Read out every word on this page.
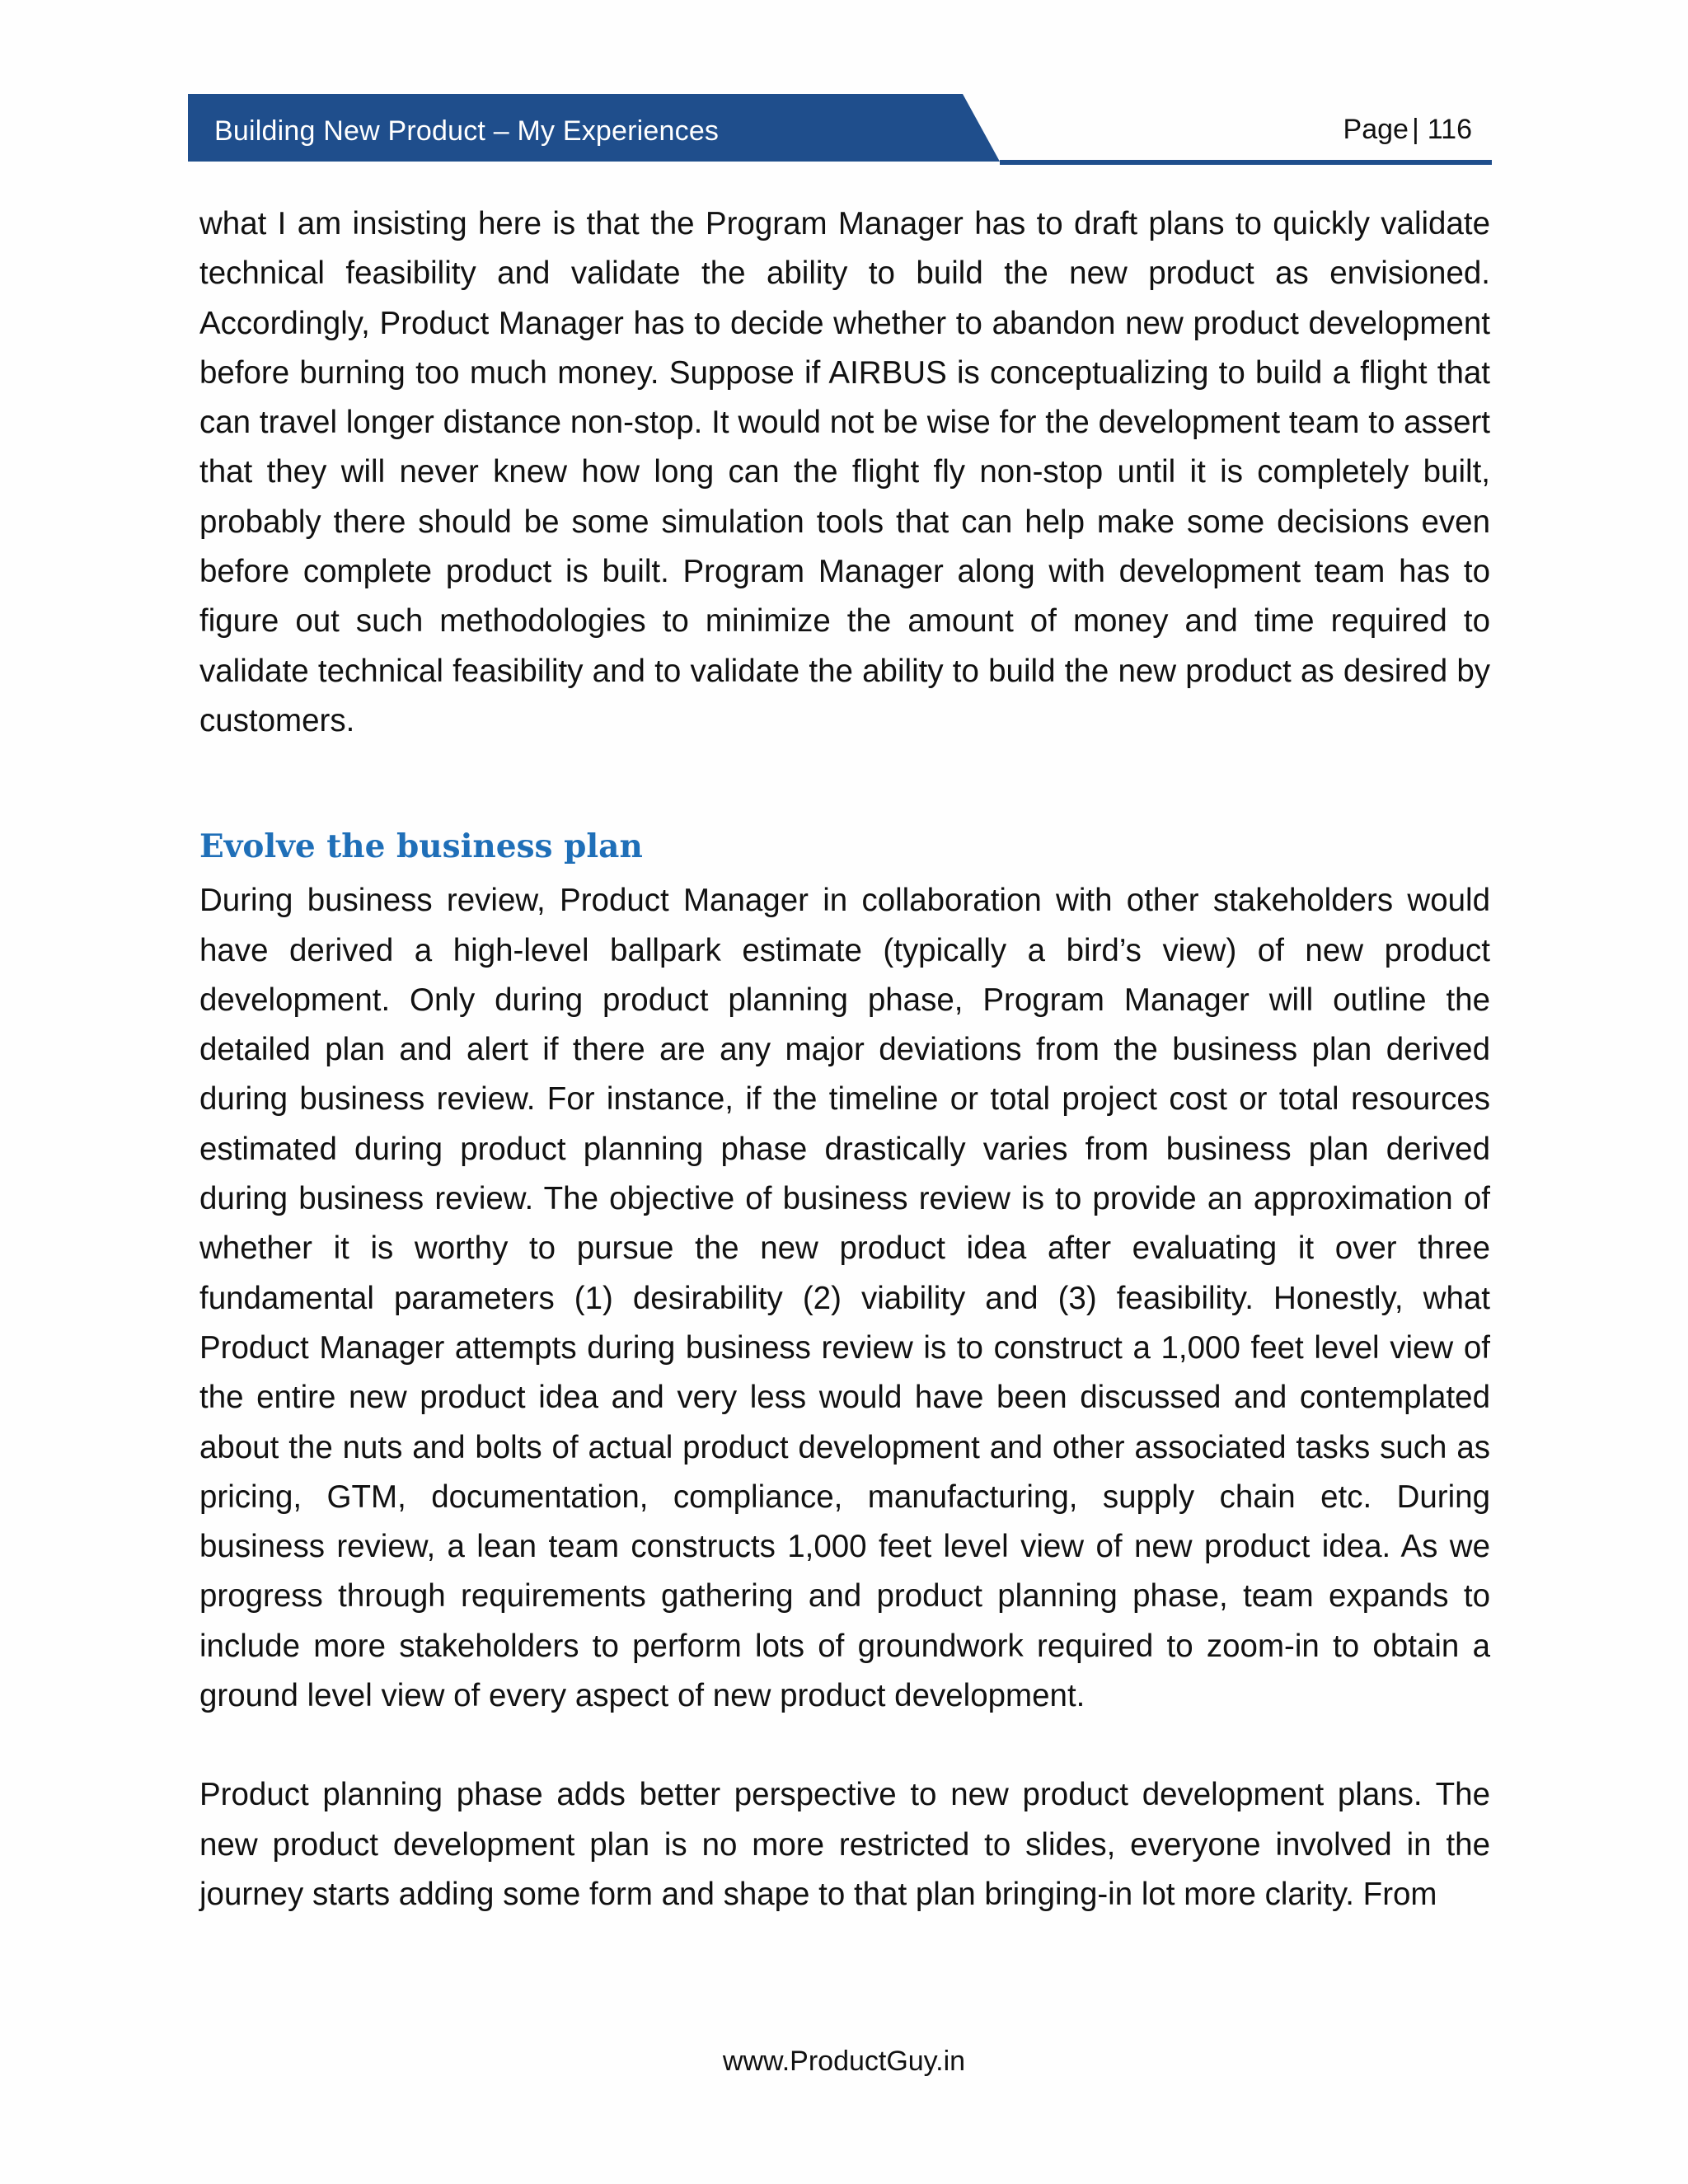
Building New Product – My Experiences	Page | 116

what I am insisting here is that the Program Manager has to draft plans to quickly validate technical feasibility and validate the ability to build the new product as envisioned. Accordingly, Product Manager has to decide whether to abandon new product development before burning too much money. Suppose if AIRBUS is conceptualizing to build a flight that can travel longer distance non-stop. It would not be wise for the development team to assert that they will never knew how long can the flight fly non-stop until it is completely built, probably there should be some simulation tools that can help make some decisions even before complete product is built. Program Manager along with development team has to figure out such methodologies to minimize the amount of money and time required to validate technical feasibility and to validate the ability to build the new product as desired by customers.

Evolve the business plan

During business review, Product Manager in collaboration with other stakeholders would have derived a high-level ballpark estimate (typically a bird’s view) of new product development. Only during product planning phase, Program Manager will outline the detailed plan and alert if there are any major deviations from the business plan derived during business review. For instance, if the timeline or total project cost or total resources estimated during product planning phase drastically varies from business plan derived during business review. The objective of business review is to provide an approximation of whether it is worthy to pursue the new product idea after evaluating it over three fundamental parameters (1) desirability (2) viability and (3) feasibility. Honestly, what Product Manager attempts during business review is to construct a 1,000 feet level view of the entire new product idea and very less would have been discussed and contemplated about the nuts and bolts of actual product development and other associated tasks such as pricing, GTM, documentation, compliance, manufacturing, supply chain etc. During business review, a lean team constructs 1,000 feet level view of new product idea. As we progress through requirements gathering and product planning phase, team expands to include more stakeholders to perform lots of groundwork required to zoom-in to obtain a ground level view of every aspect of new product development.

Product planning phase adds better perspective to new product development plans. The new product development plan is no more restricted to slides, everyone involved in the journey starts adding some form and shape to that plan bringing-in lot more clarity. From

www.ProductGuy.in
